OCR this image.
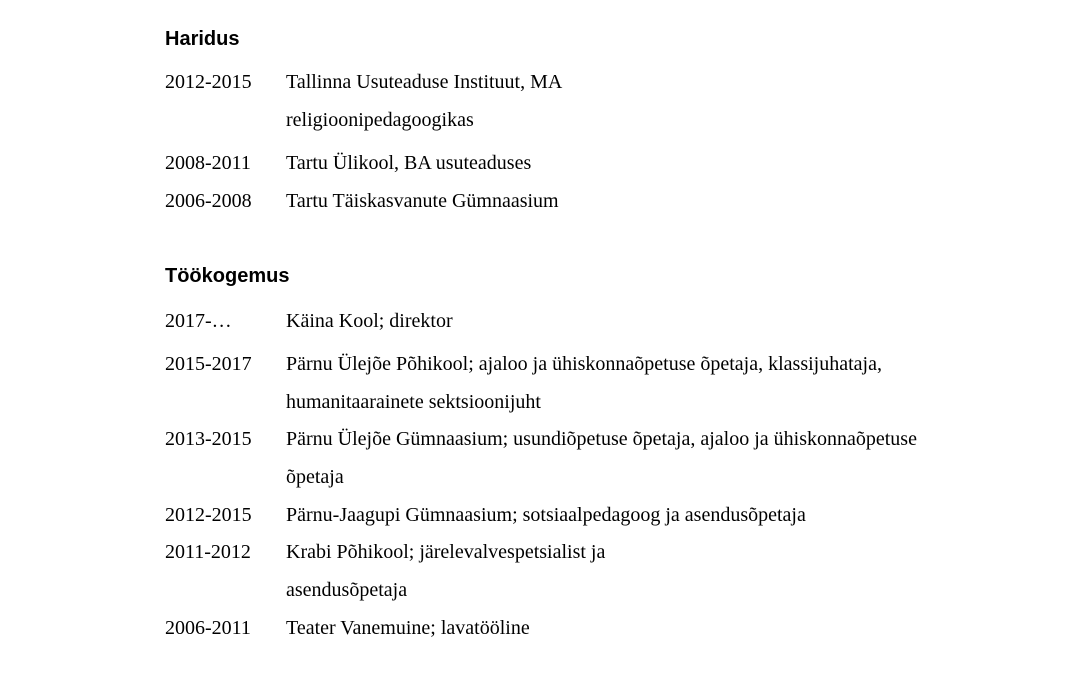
Haridus
2012-2015 Tallinna Usuteaduse Instituut, MA
religioonipedagoogikas
2008-2011 Tartu Ülikool, BA usuteaduses
2006-2008 Tartu Täiskasvanute Gümnaasium
Töökogemus
2017-…	Käina Kool; direktor
2015-2017 Pärnu Ülejõe Põhikool; ajaloo ja ühiskonnaõpetuse õpetaja, klassijuhataja,
humanitaarainete sektsioonijuht
2013-2015 Pärnu Ülejõe Gümnaasium; usundiõpetuse õpetaja, ajaloo ja ühiskonnaõpetuse
õpetaja
2012-2015 Pärnu-Jaagupi Gümnaasium; sotsiaalpedagoog ja asendusõpetaja
2011-2012 Krabi Põhikool; järelevalvespetsialist ja
asendusõpetaja
2006-2011 Teater Vanemuine; lavatööline
